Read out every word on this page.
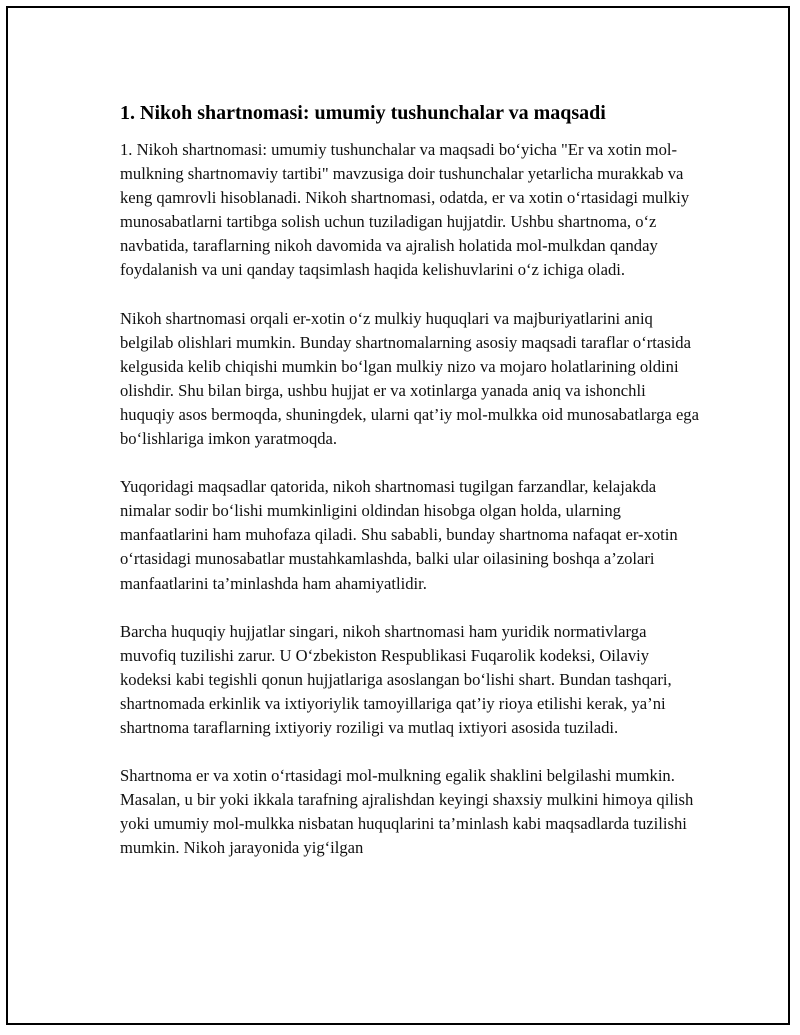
1. Nikoh shartnomasi: umumiy tushunchalar va maqsadi

1. Nikoh shartnomasi: umumiy tushunchalar va maqsadi bo‘yicha "Er va xotin mol-mulkning shartnomaviy tartibi" mavzusiga doir tushunchalar yetarlicha murakkab va keng qamrovli hisoblanadi. Nikoh shartnomasi, odatda, er va xotin o‘rtasidagi mulkiy munosabatlarni tartibga solish uchun tuziladigan hujjatdir. Ushbu shartnoma, o‘z navbatida, taraflarning nikoh davomida va ajralish holatida mol-mulkdan qanday foydalanish va uni qanday taqsimlash haqida kelishuvlarini o‘z ichiga oladi.

Nikoh shartnomasi orqali er-xotin o‘z mulkiy huquqlari va majburiyatlarini aniq belgilab olishlari mumkin. Bunday shartnomalarning asosiy maqsadi taraflar o‘rtasida kelgusida kelib chiqishi mumkin bo‘lgan mulkiy nizo va mojaro holatlarining oldini olishdir. Shu bilan birga, ushbu hujjat er va xotinlarga yanada aniq va ishonchli huquqiy asos bermoqda, shuningdek, ularni qat’iy mol-mulkka oid munosabatlarga ega bo‘lishlariga imkon yaratmoqda.

Yuqoridagi maqsadlar qatorida, nikoh shartnomasi tugilgan farzandlar, kelajakda nimalar sodir bo‘lishi mumkinligini oldindan hisobga olgan holda, ularning manfaatlarini ham muhofaza qiladi. Shu sababli, bunday shartnoma nafaqat er-xotin o‘rtasidagi munosabatlar mustahkamlashda, balki ular oilasining boshqa a’zolari manfaatlarini ta’minlashda ham ahamiyatlidir.

Barcha huquqiy hujjatlar singari, nikoh shartnomasi ham yuridik normativlarga muvofiq tuzilishi zarur. U O‘zbekiston Respublikasi Fuqarolik kodeksi, Oilaviy kodeksi kabi tegishli qonun hujjatlariga asoslangan bo‘lishi shart. Bundan tashqari, shartnomada erkinlik va ixtiyoriylik tamoyillariga qat’iy rioya etilishi kerak, ya’ni shartnoma taraflarning ixtiyoriy roziligi va mutlaq ixtiyori asosida tuziladi.

Shartnoma er va xotin o‘rtasidagi mol-mulkning egalik shaklini belgilashi mumkin. Masalan, u bir yoki ikkala tarafning ajralishdan keyingi shaxsiy mulkini himoya qilish yoki umumiy mol-mulkka nisbatan huquqlarini ta’minlash kabi maqsadlarda tuzilishi mumkin. Nikoh jarayonida yig‘ilgan
